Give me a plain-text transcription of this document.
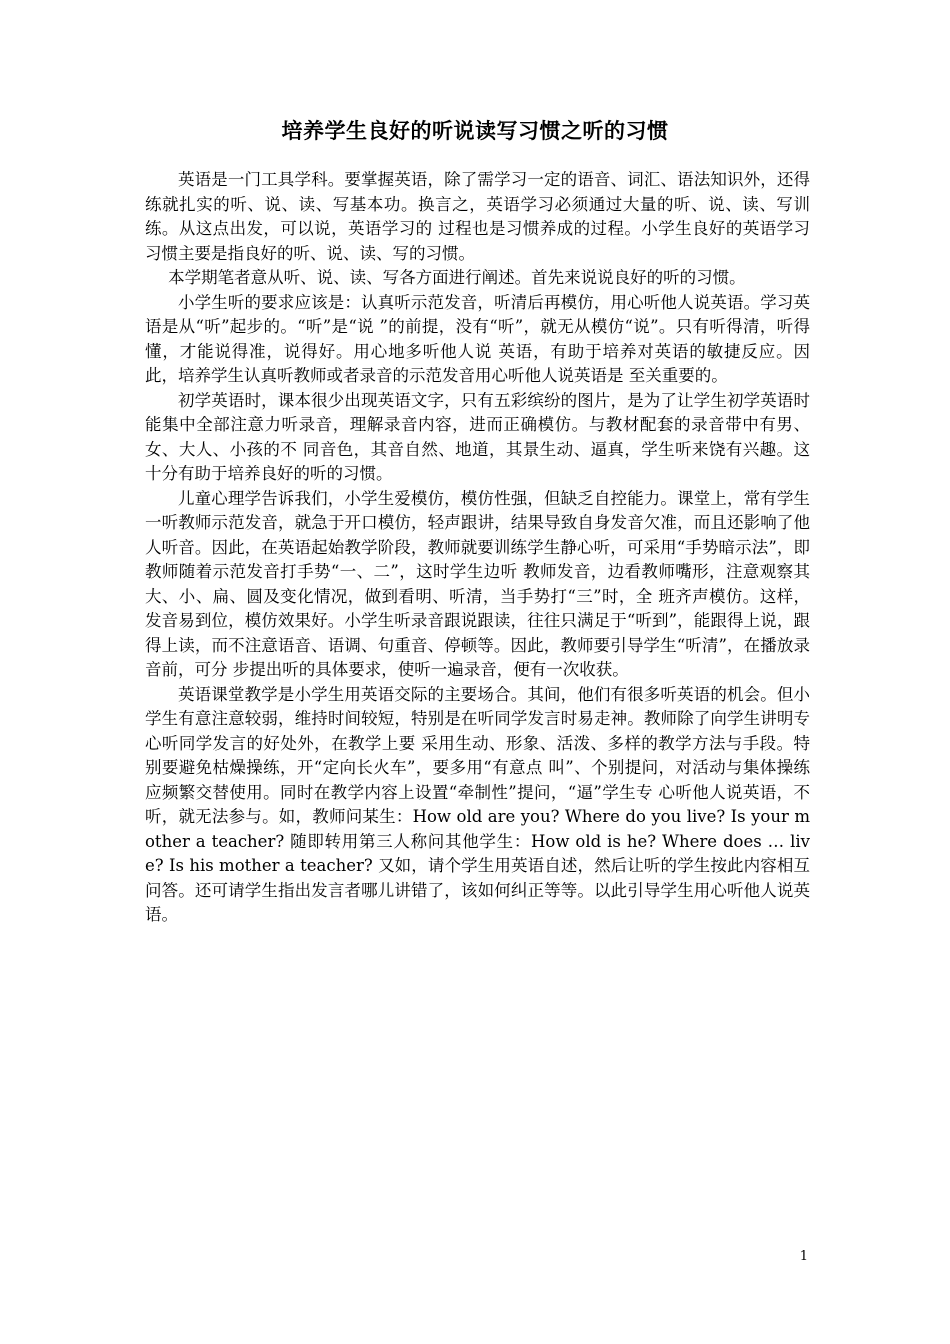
培养学生良好的听说读写习惯之听的习惯

英语是一门工具学科。要掌握英语，除了需学习一定的语音、词汇、语法知识外，还得练就扎实的听、说、读、写基本功。换言之，英语学习必须通过大量的听、说、读、写训练。从这点出发，可以说，英语学习的 过程也是习惯养成的过程。小学生良好的英语学习习惯主要是指良好的听、说、读、写的习惯。

本学期笔者意从听、说、读、写各方面进行阐述。首先来说说良好的听的习惯。

小学生听的要求应该是：认真听示范发音，听清后再模仿，用心听他人说英语。学习英语是从“听”起步的。“听”是“说 ”的前提，没有“听”，就无从模仿“说”。只有听得清，听得懂，才能说得准，说得好。用心地多听他人说 英语，有助于培养对英语的敏捷反应。因此，培养学生认真听教师或者录音的示范发音用心听他人说英语是 至关重要的。

初学英语时，课本很少出现英语文字，只有五彩缤纷的图片，是为了让学生初学英语时能集中全部注意力听录音，理解录音内容，进而正确模仿。与教材配套的录音带中有男、女、大人、小孩的不 同音色，其音自然、地道，其景生动、逼真，学生听来饶有兴趣。这十分有助于培养良好的听的习惯。

儿童心理学告诉我们，小学生爱模仿，模仿性强，但缺乏自控能力。课堂上，常有学生一听教师示范发音，就急于开口模仿，轻声跟讲，结果导致自身发音欠准，而且还影响了他人听音。因此，在英语起始教学阶段，教师就要训练学生静心听，可采用“手势暗示法”，即教师随着示范发音打手势“一、二”，这时学生边听 教师发音，边看教师嘴形，注意观察其大、小、扁、圆及变化情况，做到看明、听清，当手势打“三”时，全 班齐声模仿。这样，发音易到位，模仿效果好。小学生听录音跟说跟读，往往只满足于“听到”，能跟得上说，跟得上读，而不注意语音、语调、句重音、停顿等。因此，教师要引导学生“听清”，在播放录音前，可分 步提出听的具体要求，使听一遍录音，便有一次收获。

英语课堂教学是小学生用英语交际的主要场合。其间，他们有很多听英语的机会。但小学生有意注意较弱，维持时间较短，特别是在听同学发言时易走神。教师除了向学生讲明专心听同学发言的好处外，在教学上要 采用生动、形象、活泼、多样的教学方法与手段。特别要避免枯燥操练，开“定向长火车”，要多用“有意点 叫”、个别提问，对活动与集体操练应频繁交替使用。同时在教学内容上设置“牵制性”提问，“逼”学生专 心听他人说英语，不听，就无法参与。如，教师问某生：How old are you? Where do you live? Is your mother a teacher? 随即转用第三人称问其他学生：How old is he? Where does … live? Is his mother a teacher? 又如，请个学生用英语自述，然后让听的学生按此内容相互问答。还可请学生指出发言者哪儿讲错了，该如何纠正等等。以此引导学生用心听他人说英语。

1
